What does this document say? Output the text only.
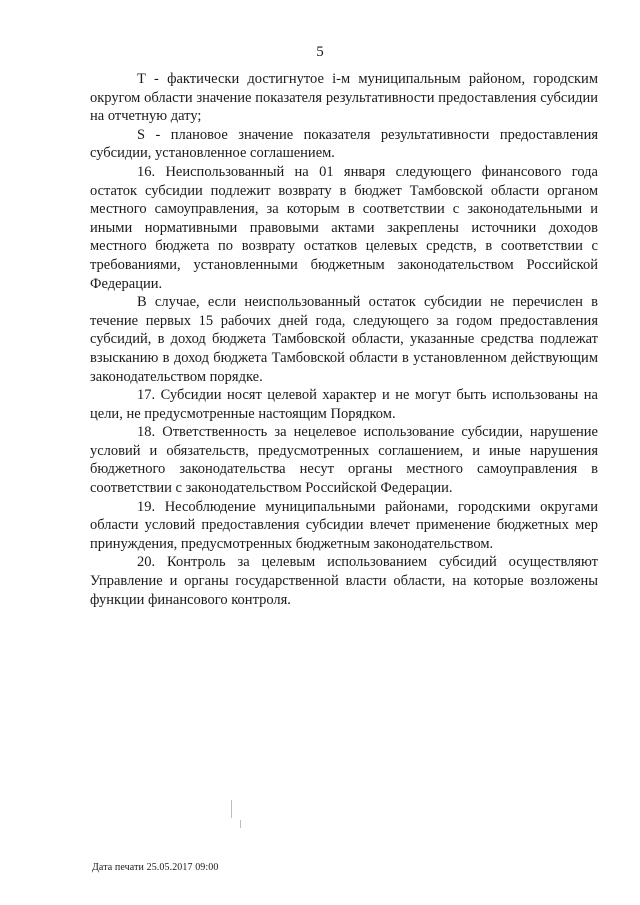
5

Т - фактически достигнутое i-м муниципальным районом, городским округом области значение показателя результативности предоставления субсидии на отчетную дату;

S - плановое значение показателя результативности предоставления субсидии, установленное соглашением.

16. Неиспользованный на 01 января следующего финансового года остаток субсидии подлежит возврату в бюджет Тамбовской области органом местного самоуправления, за которым в соответствии с законодательными и иными нормативными правовыми актами закреплены источники доходов местного бюджета по возврату остатков целевых средств, в соответствии с требованиями, установленными бюджетным законодательством Российской Федерации.

В случае, если неиспользованный остаток субсидии не перечислен в течение первых 15 рабочих дней года, следующего за годом предоставления субсидий, в доход бюджета Тамбовской области, указанные средства подлежат взысканию в доход бюджета Тамбовской области в установленном действующим законодательством порядке.

17. Субсидии носят целевой характер и не могут быть использованы на цели, не предусмотренные настоящим Порядком.

18. Ответственность за нецелевое использование субсидии, нарушение условий и обязательств, предусмотренных соглашением, и иные нарушения бюджетного законодательства несут органы местного самоуправления в соответствии с законодательством Российской Федерации.

19. Несоблюдение муниципальными районами, городскими округами области условий предоставления субсидии влечет применение бюджетных мер принуждения, предусмотренных бюджетным законодательством.

20. Контроль за целевым использованием субсидий осуществляют Управление и органы государственной власти области, на которые возложены функции финансового контроля.

Дата печати 25.05.2017 09:00
